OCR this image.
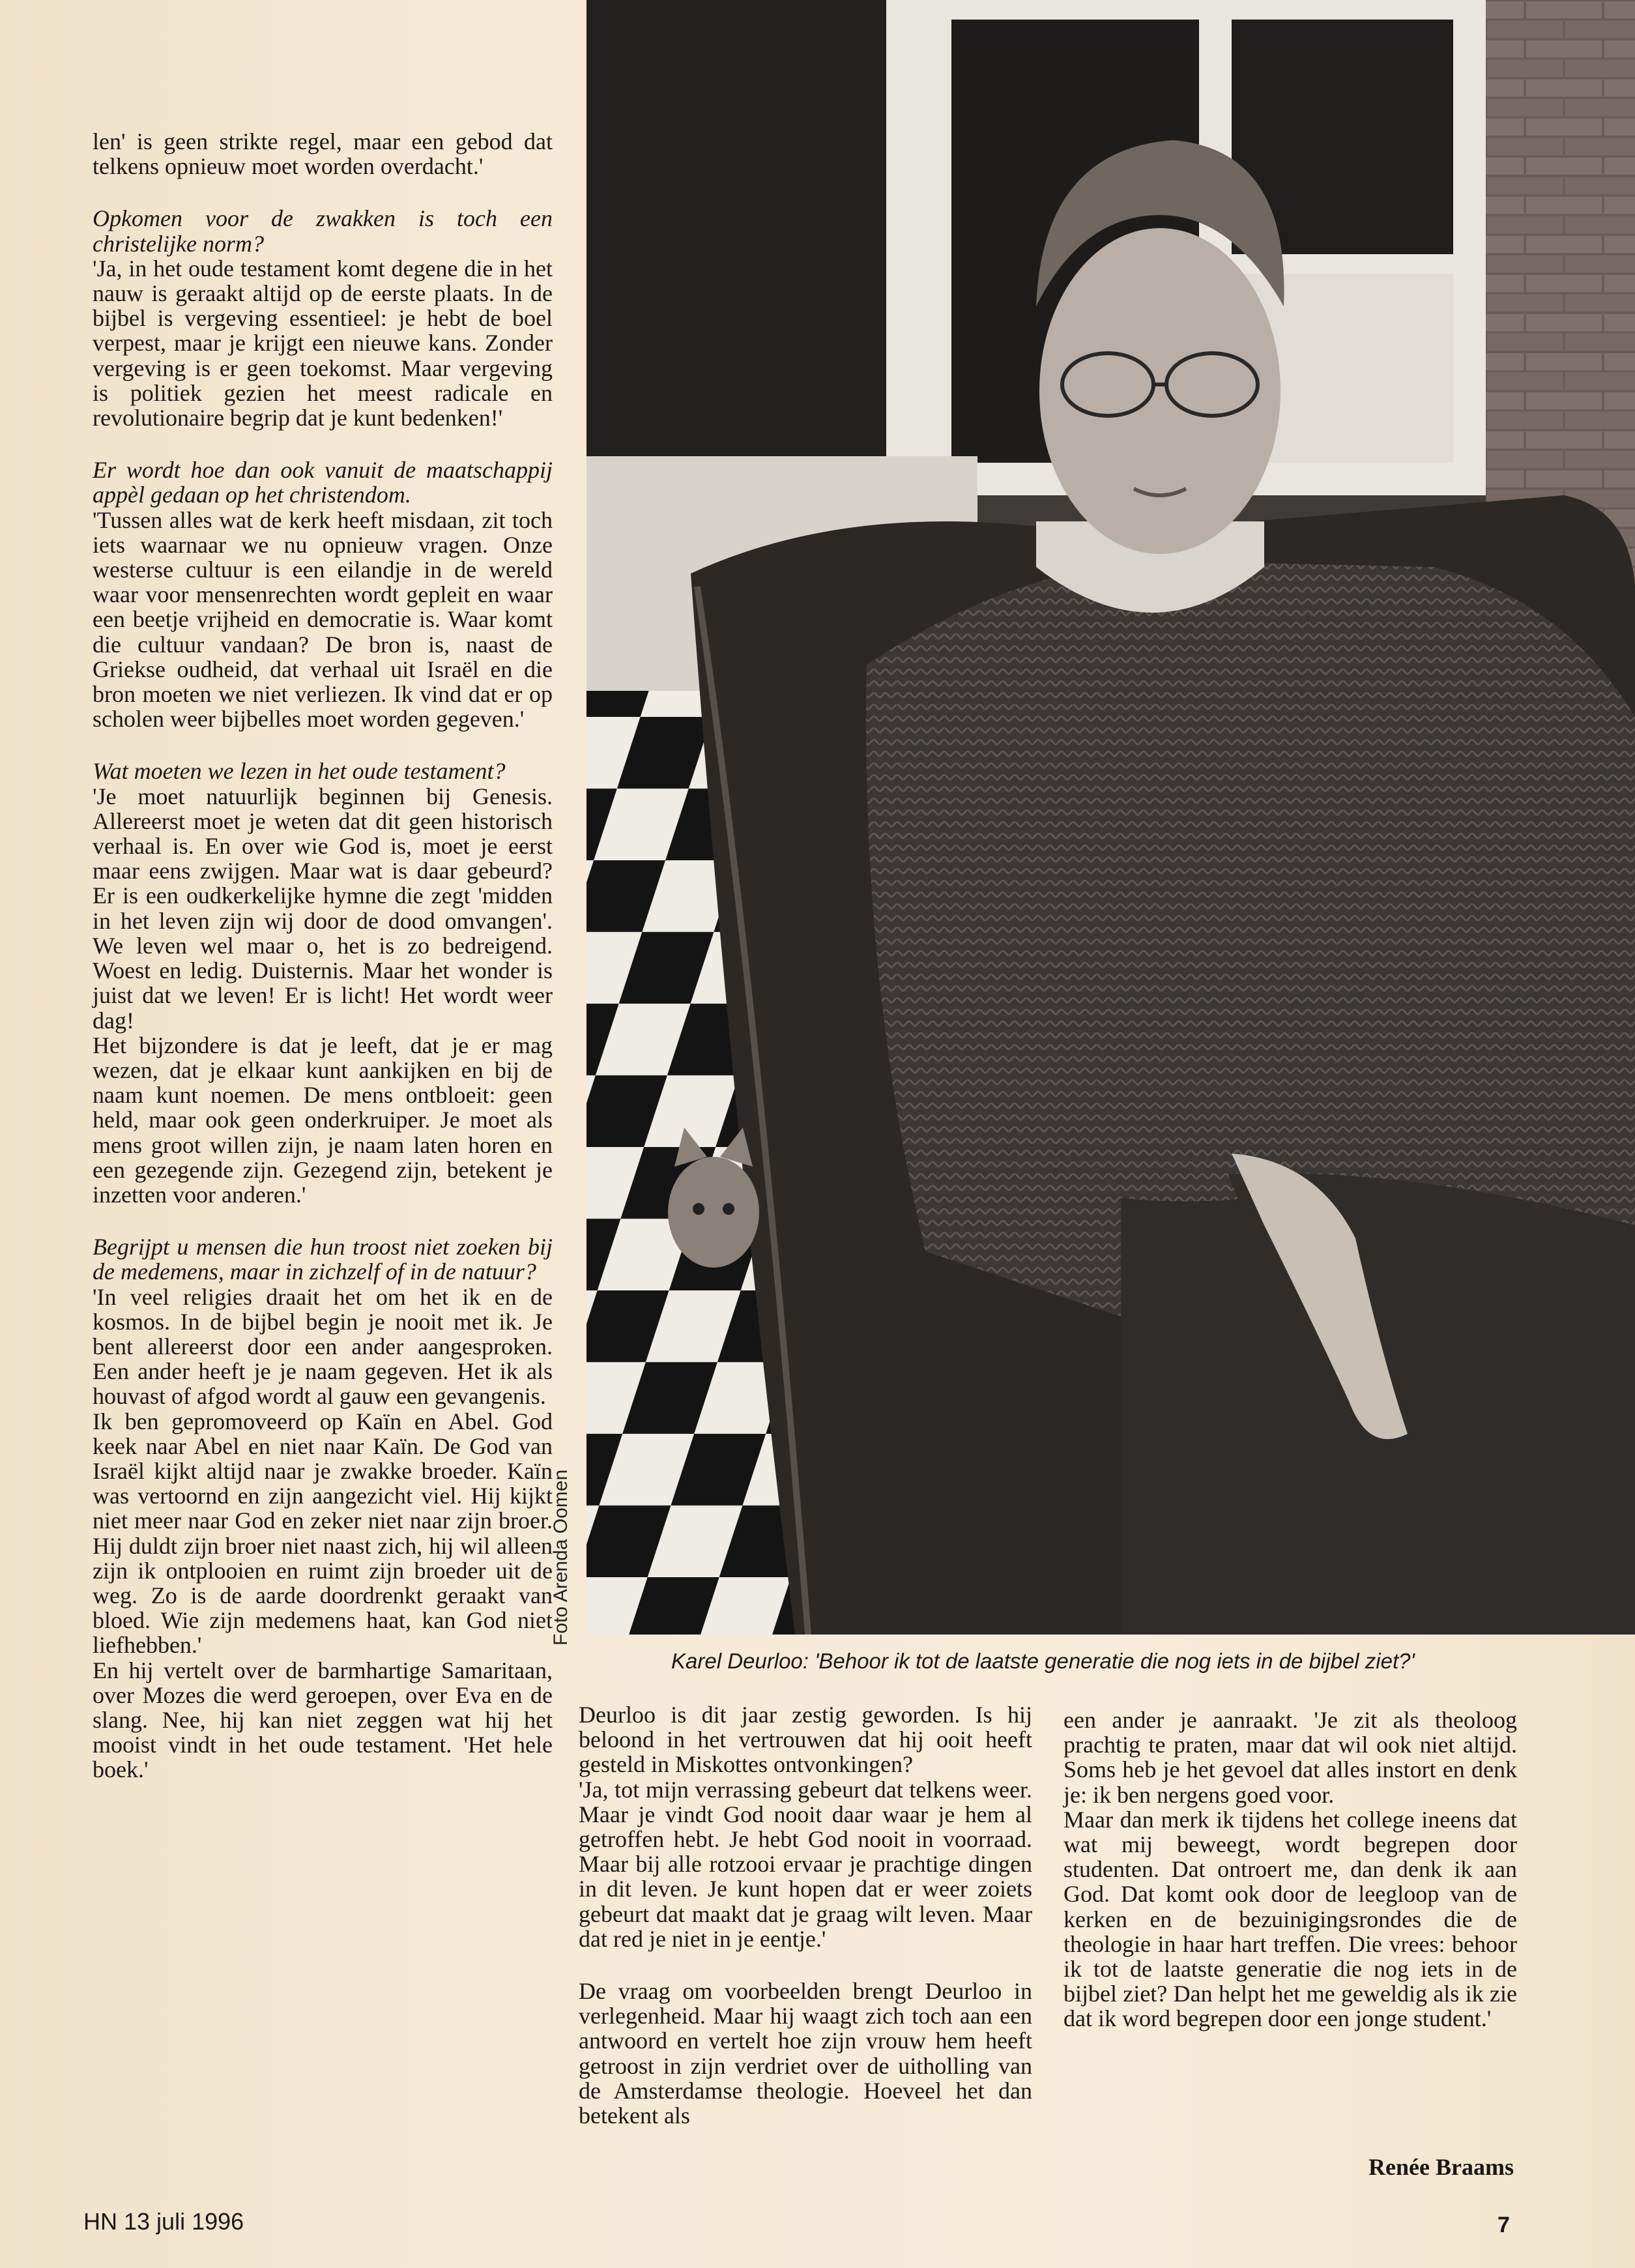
len' is geen strikte regel, maar een gebod dat telkens opnieuw moet worden overdacht.'

Opkomen voor de zwakken is toch een christelijke norm?

'Ja, in het oude testament komt degene die in het nauw is geraakt altijd op de eerste plaats. In de bijbel is vergeving essentieel: je hebt de boel verpest, maar je krijgt een nieuwe kans. Zonder vergeving is er geen toekomst. Maar vergeving is politiek gezien het meest radicale en revolutionaire begrip dat je kunt bedenken!'

Er wordt hoe dan ook vanuit de maatschappij appèl gedaan op het christendom.

'Tussen alles wat de kerk heeft misdaan, zit toch iets waarnaar we nu opnieuw vragen. Onze westerse cultuur is een eilandje in de wereld waar voor mensenrechten wordt gepleit en waar een beetje vrijheid en democratie is. Waar komt die cultuur vandaan? De bron is, naast de Griekse oudheid, dat verhaal uit Israël en die bron moeten we niet verliezen. Ik vind dat er op scholen weer bijbelles moet worden gegeven.'

Wat moeten we lezen in het oude testament?

'Je moet natuurlijk beginnen bij Genesis. Allereerst moet je weten dat dit geen historisch verhaal is. En over wie God is, moet je eerst maar eens zwijgen. Maar wat is daar gebeurd? Er is een oudkerkelijke hymne die zegt 'midden in het leven zijn wij door de dood omvangen'. We leven wel maar o, het is zo bedreigend. Woest en ledig. Duisternis. Maar het wonder is juist dat we leven! Er is licht! Het wordt weer dag!

Het bijzondere is dat je leeft, dat je er mag wezen, dat je elkaar kunt aankijken en bij de naam kunt noemen. De mens ontbloeit: geen held, maar ook geen onderkruiper. Je moet als mens groot willen zijn, je naam laten horen en een gezegende zijn. Gezegend zijn, betekent je inzetten voor anderen.'

Begrijpt u mensen die hun troost niet zoeken bij de medemens, maar in zichzelf of in de natuur?

'In veel religies draait het om het ik en de kosmos. In de bijbel begin je nooit met ik. Je bent allereerst door een ander aangesproken. Een ander heeft je je naam gegeven. Het ik als houvast of afgod wordt al gauw een gevangenis.

Ik ben gepromoveerd op Kaïn en Abel. God keek naar Abel en niet naar Kaïn. De God van Israël kijkt altijd naar je zwakke broeder. Kaïn was vertoornd en zijn aangezicht viel. Hij kijkt niet meer naar God en zeker niet naar zijn broer. Hij duldt zijn broer niet naast zich, hij wil alleen zijn ik ontplooien en ruimt zijn broeder uit de weg. Zo is de aarde doordrenkt geraakt van bloed. Wie zijn medemens haat, kan God niet liefhebben.'

En hij vertelt over de barmhartige Samaritaan, over Mozes die werd geroepen, over Eva en de slang. Nee, hij kan niet zeggen wat hij het mooist vindt in het oude testament. 'Het hele boek.'

Foto Arenda Oomen
Karel Deurloo: 'Behoor ik tot de laatste generatie die nog iets in de bijbel ziet?'

Deurloo is dit jaar zestig geworden. Is hij beloond in het vertrouwen dat hij ooit heeft gesteld in Miskottes ontvonkingen?

'Ja, tot mijn verrassing gebeurt dat telkens weer. Maar je vindt God nooit daar waar je hem al getroffen hebt. Je hebt God nooit in voorraad. Maar bij alle rotzooi ervaar je prachtige dingen in dit leven. Je kunt hopen dat er weer zoiets gebeurt dat maakt dat je graag wilt leven. Maar dat red je niet in je eentje.'

De vraag om voorbeelden brengt Deurloo in verlegenheid. Maar hij waagt zich toch aan een antwoord en vertelt hoe zijn vrouw hem heeft getroost in zijn verdriet over de uitholling van de Amsterdamse theologie. Hoeveel het dan betekent als

een ander je aanraakt. 'Je zit als theoloog prachtig te praten, maar dat wil ook niet altijd. Soms heb je het gevoel dat alles instort en denk je: ik ben nergens goed voor.

Maar dan merk ik tijdens het college ineens dat wat mij beweegt, wordt begrepen door studenten. Dat ontroert me, dan denk ik aan God. Dat komt ook door de leegloop van de kerken en de bezuinigingsrondes die de theologie in haar hart treffen. Die vrees: behoor ik tot de laatste generatie die nog iets in de bijbel ziet? Dan helpt het me geweldig als ik zie dat ik word begrepen door een jonge student.'

Renée Braams
HN 13 juli 1996	7
